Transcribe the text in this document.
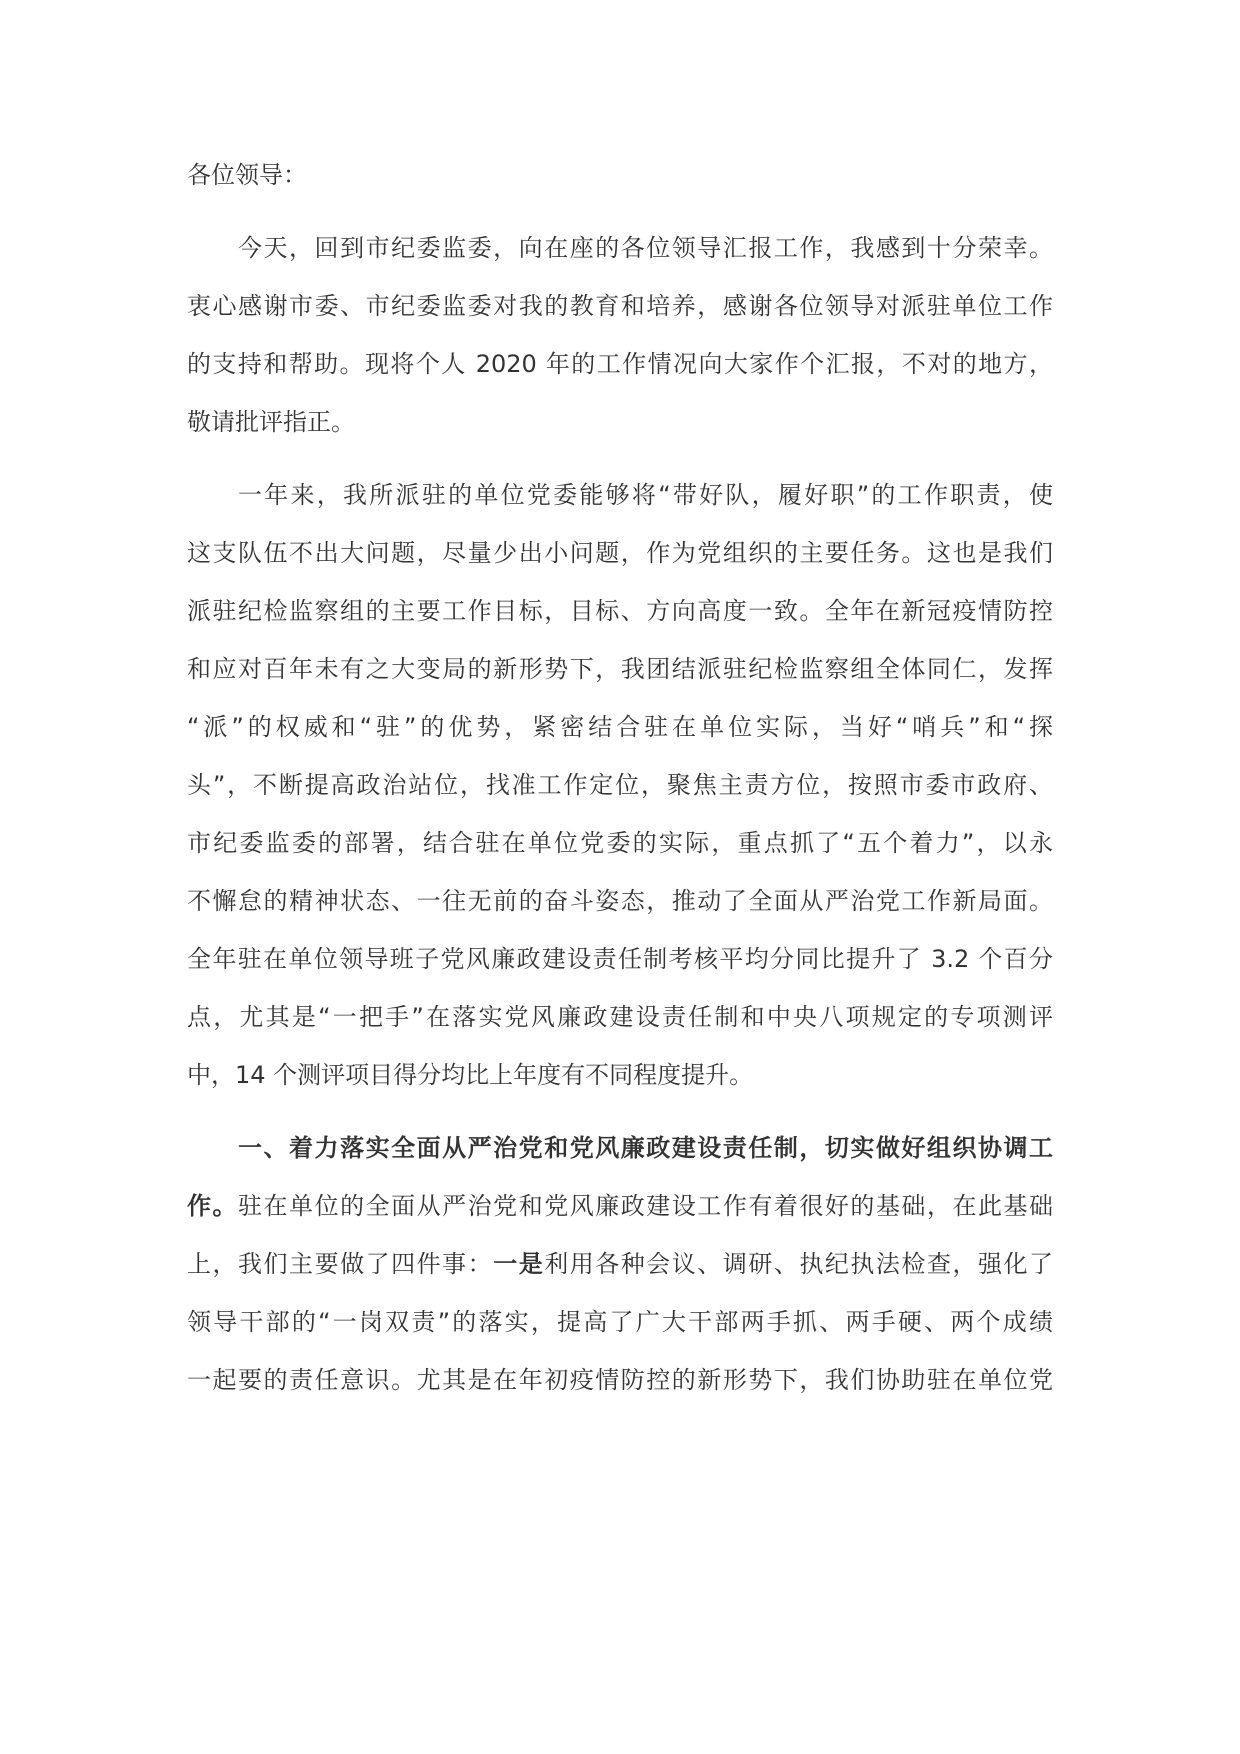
各位领导：
今天，回到市纪委监委，向在座的各位领导汇报工作，我感到十分荣幸。
衷心感谢市委、市纪委监委对我的教育和培养，感谢各位领导对派驻单位工作
的支持和帮助。现将个人 2020 年的工作情况向大家作个汇报，不对的地方，
敬请批评指正。
一年来，我所派驻的单位党委能够将“带好队，履好职”的工作职责，使
这支队伍不出大问题，尽量少出小问题，作为党组织的主要任务。这也是我们
派驻纪检监察组的主要工作目标，目标、方向高度一致。全年在新冠疫情防控
和应对百年未有之大变局的新形势下，我团结派驻纪检监察组全体同仁，发挥
“派”的权威和“驻”的优势，紧密结合驻在单位实际，当好“哨兵”和“探
头”，不断提高政治站位，找准工作定位，聚焦主责方位，按照市委市政府、
市纪委监委的部署，结合驻在单位党委的实际，重点抓了“五个着力”，以永
不懈怠的精神状态、一往无前的奋斗姿态，推动了全面从严治党工作新局面。
全年驻在单位领导班子党风廉政建设责任制考核平均分同比提升了 3.2 个百分
点，尤其是“一把手”在落实党风廉政建设责任制和中央八项规定的专项测评
中，14 个测评项目得分均比上年度有不同程度提升。
一、着力落实全面从严治党和党风廉政建设责任制，切实做好组织协调工
作。驻在单位的全面从严治党和党风廉政建设工作有着很好的基础，在此基础
上，我们主要做了四件事：一是利用各种会议、调研、执纪执法检查，强化了
领导干部的“一岗双责”的落实，提高了广大干部两手抓、两手硬、两个成绩
一起要的责任意识。尤其是在年初疫情防控的新形势下，我们协助驻在单位党
